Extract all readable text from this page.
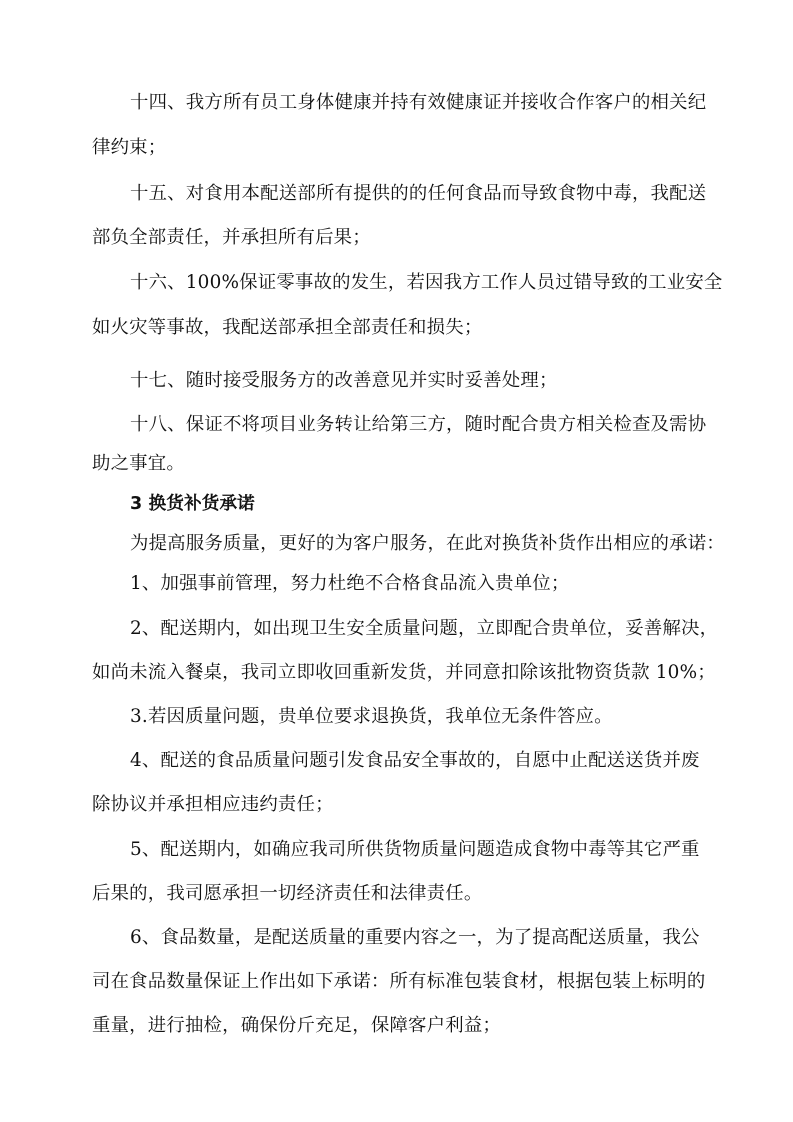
十四、我方所有员工身体健康并持有效健康证并接收合作客户的相关纪
律约束；
十五、对食用本配送部所有提供的的任何食品而导致食物中毒，我配送
部负全部责任，并承担所有后果；
十六、100%保证零事故的发生，若因我方工作人员过错导致的工业安全
如火灾等事故，我配送部承担全部责任和损失；
十七、随时接受服务方的改善意见并实时妥善处理；
十八、保证不将项目业务转让给第三方，随时配合贵方相关检查及需协
助之事宜。
3 换货补货承诺
为提高服务质量，更好的为客户服务，在此对换货补货作出相应的承诺：
1、加强事前管理，努力杜绝不合格食品流入贵单位；
2、配送期内，如出现卫生安全质量问题，立即配合贵单位，妥善解决，
如尚未流入餐桌，我司立即收回重新发货，并同意扣除该批物资货款 10%；
3.若因质量问题，贵单位要求退换货，我单位无条件答应。
4、配送的食品质量问题引发食品安全事故的，自愿中止配送送货并废
除协议并承担相应违约责任；
5、配送期内，如确应我司所供货物质量问题造成食物中毒等其它严重
后果的，我司愿承担一切经济责任和法律责任。
6、食品数量，是配送质量的重要内容之一，为了提高配送质量，我公
司在食品数量保证上作出如下承诺：所有标准包装食材，根据包装上标明的
重量，进行抽检，确保份斤充足，保障客户利益；
